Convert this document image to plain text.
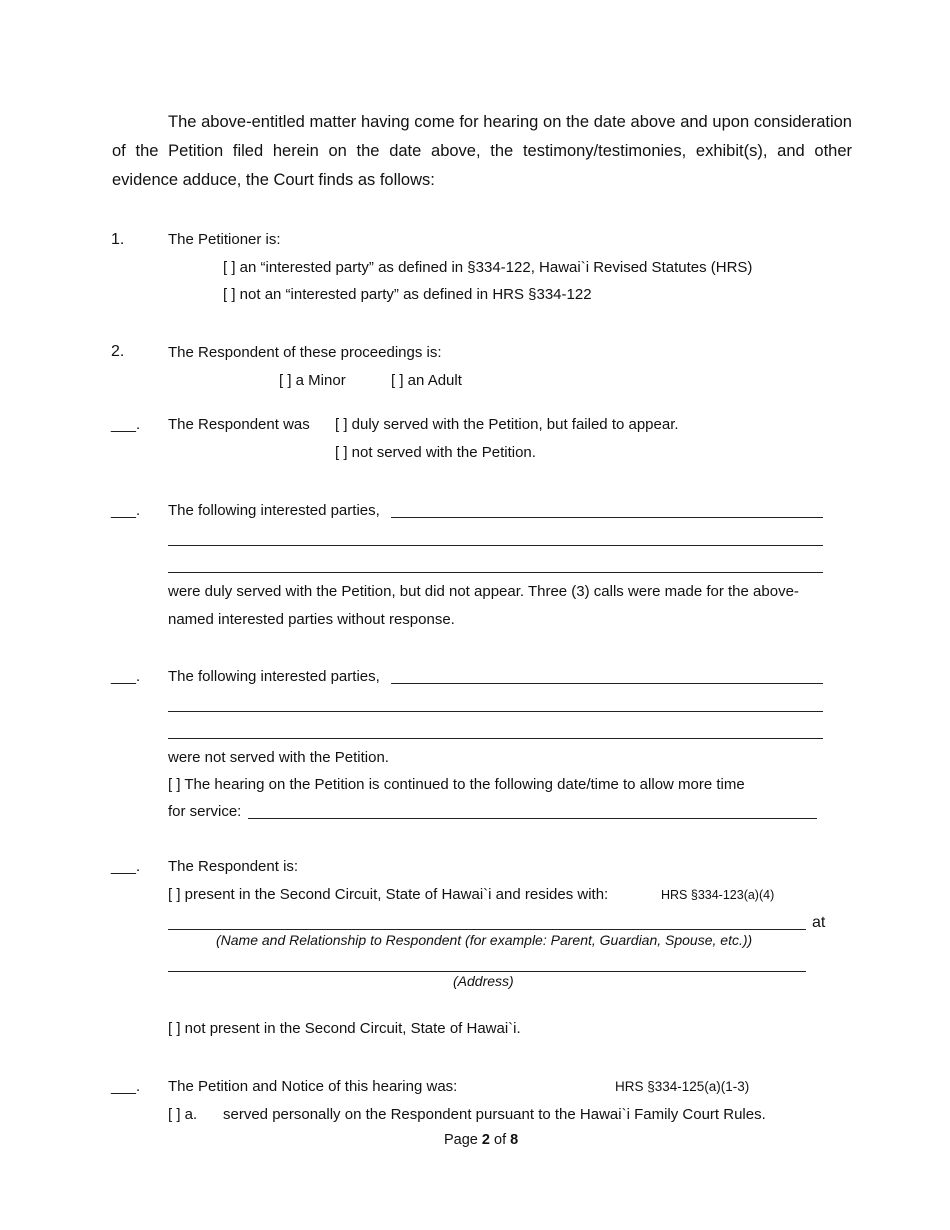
The above-entitled matter having come for hearing on the date above and upon consideration of the Petition filed herein on the date above, the testimony/testimonies, exhibit(s), and other evidence adduce, the Court finds as follows:

1.	The Petitioner is:
[ ] an “interested party” as defined in §334-122, Hawai`i Revised Statutes (HRS)
[ ] not an “interested party” as defined in HRS §334-122
2.	The Respondent of these proceedings is:
[ ] a Minor	[ ] an Adult
___. The Respondent was [ ] duly served with the Petition, but failed to appear.
[ ] not served with the Petition.
___. The following interested parties,
were duly served with the Petition, but did not appear. Three (3) calls were made for the above-
named interested parties without response.
___. The following interested parties,
were not served with the Petition.
[ ] The hearing on the Petition is continued to the following date/time to allow more time
for service:
___. The Respondent is:
[ ] present in the Second Circuit, State of Hawai`i and resides with:	HRS §334-123(a)(4)
at
(Name and Relationship to Respondent (for example: Parent, Guardian, Spouse, etc.))
(Address)
[ ] not present in the Second Circuit, State of Hawai`i.
___. The Petition and Notice of this hearing was:	HRS §334-125(a)(1-3)
[ ] a. served personally on the Respondent pursuant to the Hawai`i Family Court Rules.
Page 2 of 8
